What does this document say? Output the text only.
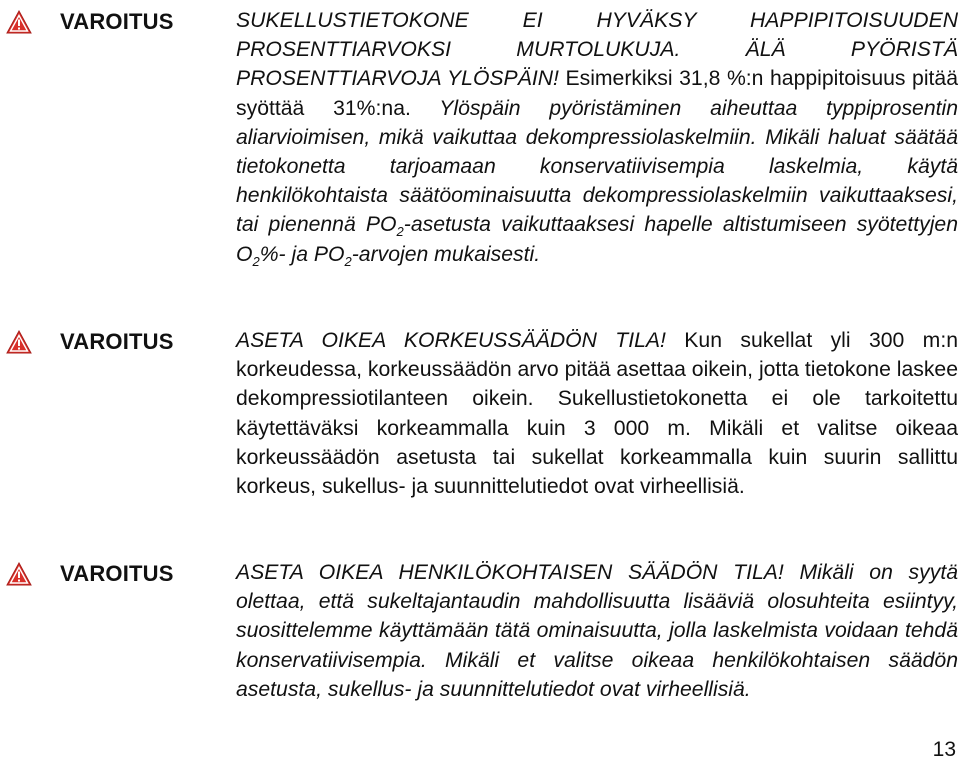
VAROITUS	SUKELLUSTIETOKONE EI HYVÄKSY HAPPIPITOISUUDEN PROSENTTIARVOKSI MURTOLUKUJA. ÄLÄ PYÖRISTÄ PROSENTTIARVOJA YLÖSPÄIN! Esimerkiksi 31,8 %:n happipitoisuus pitää syöttää 31%:na. Ylöspäin pyöristäminen aiheuttaa typpiprosentin aliarvioimisen, mikä vaikuttaa dekompressiolaskelmiin. Mikäli haluat säätää tietokonetta tarjoamaan konservatiivisempia laskelmia, käytä henkilökohtaista säätöominaisuutta dekompressiolaskelmiin vaikuttaaksesi, tai pienennä $PO_2$-asetusta vaikuttaaksesi hapelle altistumiseen syötettyjen $O_2\%-$ ja $PO_2$-arvojen mukaisesti.

VAROITUS	ASETA OIKEA KORKEUSSÄÄDÖN TILA! Kun sukellat yli 300 m:n korkeudessa, korkeussäädön arvo pitää asettaa oikein, jotta tietokone laskee dekompressiotilanteen oikein. Sukellustietokonetta ei ole tarkoitettu käytettäväksi korkeammalla kuin 3 000 m. Mikäli et valitse oikeaa korkeussäädön asetusta tai sukellat korkeammalla kuin suurin sallittu korkeus, sukellus- ja suunnittelutiedot ovat virheellisiä.

VAROITUS	ASETA OIKEA HENKILÖKOHTAISEN SÄÄDÖN TILA! Mikäli on syytä olettaa, että sukeltajantaudin mahdollisuutta lisääviä olosuhteita esiintyy, suosittelemme käyttämään tätä ominaisuutta, jolla laskelmista voidaan tehdä konservatiivisempia. Mikäli et valitse oikeaa henkilökohtaisen säädön asetusta, sukellus- ja suunnittelutiedot ovat virheellisiä.

13
